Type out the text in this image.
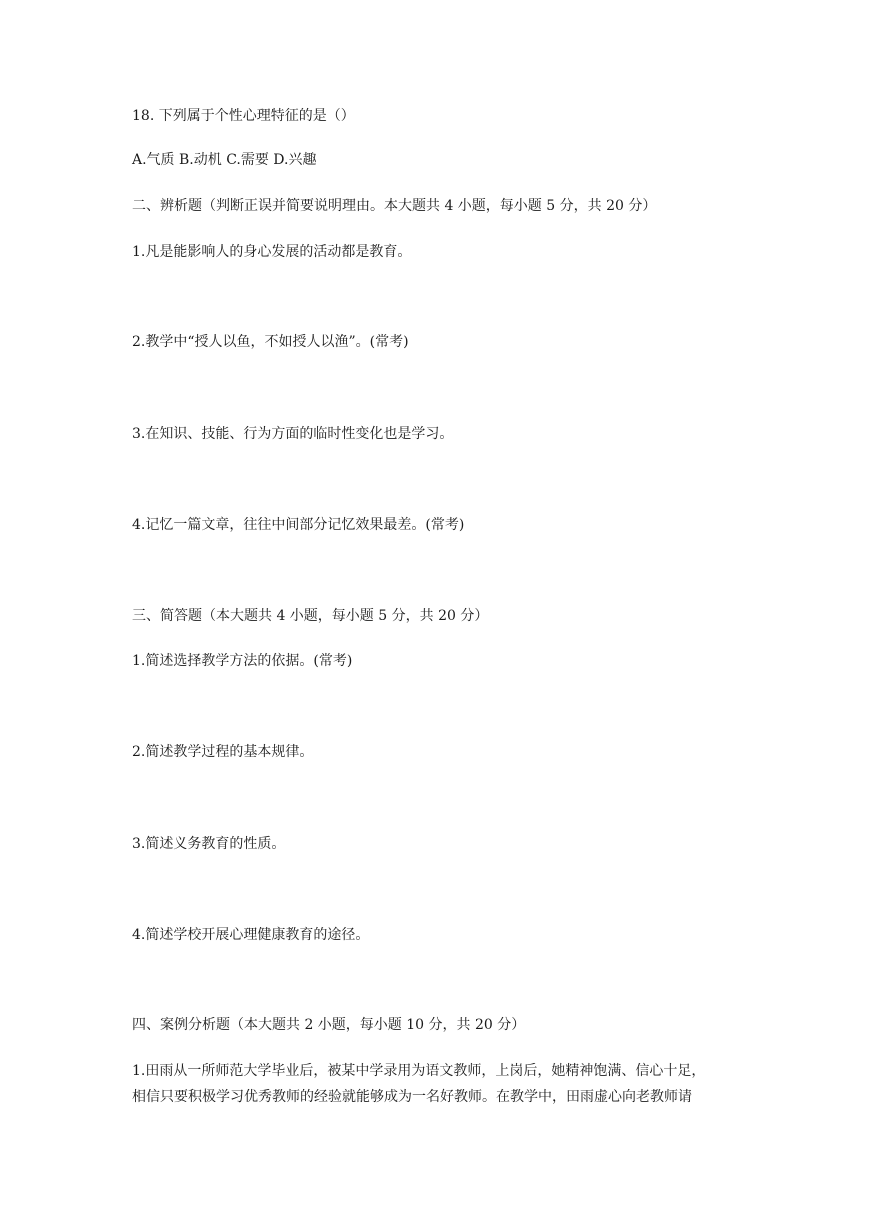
18. 下列属于个性心理特征的是（）
A.气质 B.动机 C.需要 D.兴趣
二、辨析题（判断正误并简要说明理由。本大题共 4 小题，每小题 5 分，共 20 分）
1.凡是能影响人的身心发展的活动都是教育。
2.教学中“授人以鱼，不如授人以渔”。(常考)
3.在知识、技能、行为方面的临时性变化也是学习。
4.记忆一篇文章，往往中间部分记忆效果最差。(常考)
三、简答题（本大题共 4 小题，每小题 5 分，共 20 分）
1.简述选择教学方法的依据。(常考)
2.简述教学过程的基本规律。
3.简述义务教育的性质。
4.简述学校开展心理健康教育的途径。
四、案例分析题（本大题共 2 小题，每小题 10 分，共 20 分）
1.田雨从一所师范大学毕业后，被某中学录用为语文教师，上岗后，她精神饱满、信心十足，
相信只要积极学习优秀教师的经验就能够成为一名好教师。在教学中，田雨虚心向老教师请
